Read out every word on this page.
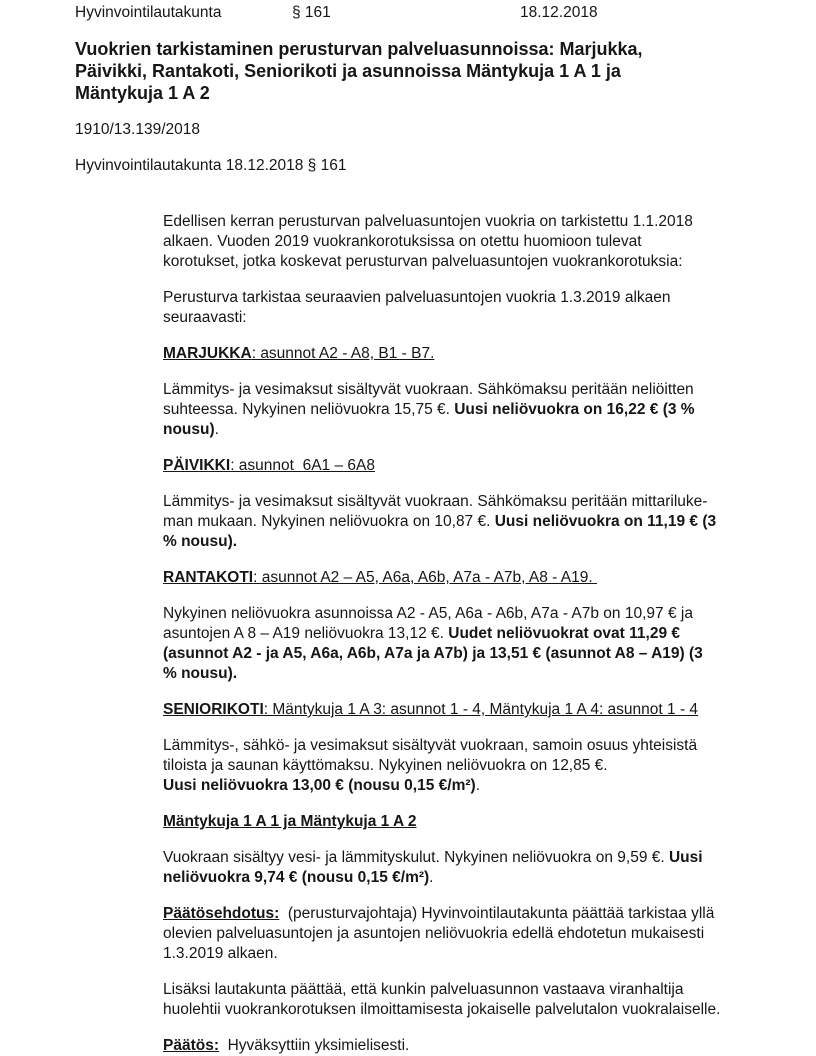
Hyvinvointilautakunta	§ 161	18.12.2018
Vuokrien tarkistaminen perusturvan palveluasunnoissa: Marjukka,
Päivikki, Rantakoti, Seniorikoti ja asunnoissa Mäntykuja 1 A 1 ja
Mäntykuja 1 A 2
1910/13.139/2018
Hyvinvointilautakunta 18.12.2018 § 161
Edellisen kerran perusturvan palveluasuntojen vuokria on tarkistettu 1.1.2018
alkaen. Vuoden 2019 vuokrankorotuksissa on otettu huomioon tulevat
korotukset, jotka koskevat perusturvan palveluasuntojen vuokrankorotuksia:
Perusturva tarkistaa seuraavien palveluasuntojen vuokria 1.3.2019 alkaen
seuraavasti:
MARJUKKA: asunnot A2 - A8, B1 - B7.
Lämmitys- ja vesimaksut sisältyvät vuokraan. Sähkömaksu peritään neliöitten
suhteessa. Nykyinen neliövuokra 15,75 €. Uusi neliövuokra on 16,22 € (3 %
nousu).
PÄIVIKKI: asunnot  6A1 – 6A8
Lämmitys- ja vesimaksut sisältyvät vuokraan. Sähkömaksu peritään mittariluke-
man mukaan. Nykyinen neliövuokra on 10,87 €. Uusi neliövuokra on 11,19 € (3
% nousu).
RANTAKOTI: asunnot A2 – A5, A6a, A6b, A7a - A7b, A8 - A19.
Nykyinen neliövuokra asunnoissa A2 - A5, A6a - A6b, A7a - A7b on 10,97 € ja
asuntojen A 8 – A19 neliövuokra 13,12 €. Uudet neliövuokrat ovat 11,29 €
(asunnot A2 - ja A5, A6a, A6b, A7a ja A7b) ja 13,51 € (asunnot A8 – A19) (3
% nousu).
SENIORIKOTI: Mäntykuja 1 A 3: asunnot 1 - 4, Mäntykuja 1 A 4: asunnot 1 - 4
Lämmitys-, sähkö- ja vesimaksut sisältyvät vuokraan, samoin osuus yhteisistä
tiloista ja saunan käyttömaksu. Nykyinen neliövuokra on 12,85 €.
Uusi neliövuokra 13,00 € (nousu 0,15 €/m²).
Mäntykuja 1 A 1 ja Mäntykuja 1 A 2
Vuokraan sisältyy vesi- ja lämmityskulut. Nykyinen neliövuokra on 9,59 €. Uusi
neliövuokra 9,74 € (nousu 0,15 €/m²).
Päätösehdotus:  (perusturvajohtaja) Hyvinvointilautakunta päättää tarkistaa yllä
olevien palveluasuntojen ja asuntojen neliövuokria edellä ehdotetun mukaisesti
1.3.2019 alkaen.
Lisäksi lautakunta päättää, että kunkin palveluasunnon vastaava viranhaltija
huolehtii vuokrankorotuksen ilmoittamisesta jokaiselle palvelutalon vuokralaiselle.
Päätös:  Hyväksyttiin yksimielisesti.
